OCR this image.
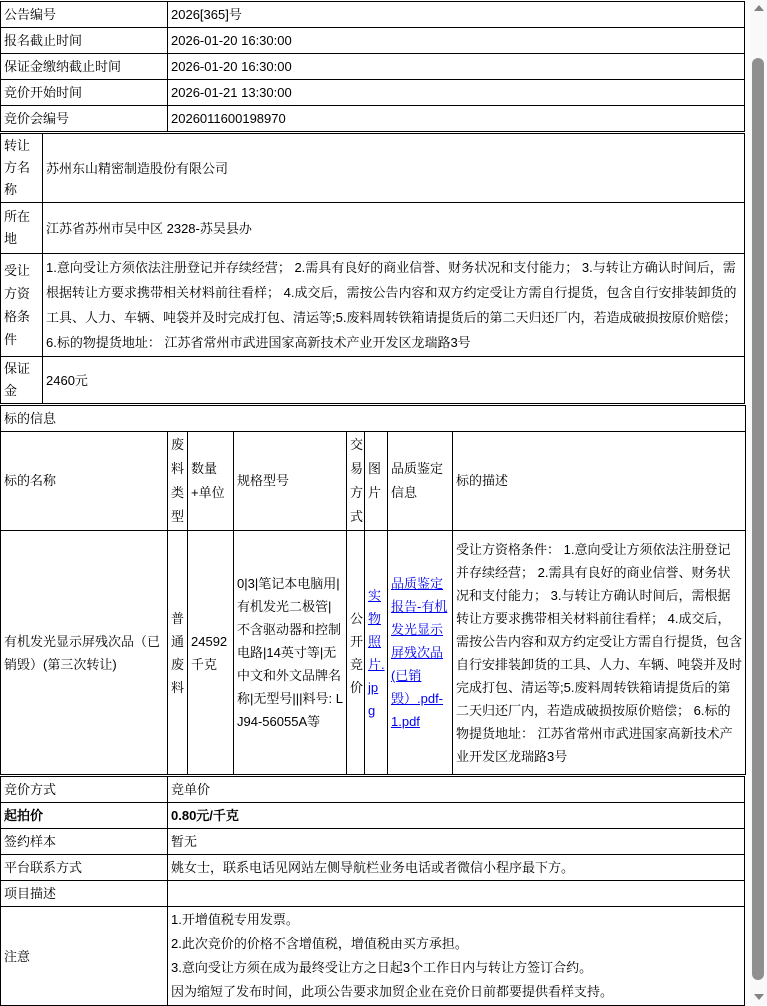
公告编号	2026[365]号
报名截止时间	2026-01-20 16:30:00
保证金缴纳截止时间	2026-01-20 16:30:00
竞价开始时间	2026-01-21 13:30:00
竞价会编号	2026011600198970
转让方名称	苏州东山精密制造股份有限公司
所在地	江苏省苏州市吴中区 2328-苏吴县办
受让方资格条件	1.意向受让方须依法注册登记并存续经营； 2.需具有良好的商业信誉、财务状况和支付能力； 3.与转让方确认时间后，需根据转让方要求携带相关材料前往看样； 4.成交后，需按公告内容和双方约定受让方需自行提货，包含自行安排装卸货的工具、人力、车辆、吨袋并及时完成打包、清运等;5.废料周转铁箱请提货后的第二天归还厂内，若造成破损按原价赔偿； 6.标的物提货地址： 江苏省常州市武进国家高新技术产业开发区龙瑞路3号
保证金	2460元
标的信息							
标的名称	废料类型	数量+单位	规格型号	交易方式	图片	品质鉴定信息	标的描述
有机发光显示屏残次品（已销毁）(第三次转让)	普通废料	24592千克	0|3|笔记本电脑用|有机发光二极管|不含驱动器和控制电路|14英寸等|无中文和外文品牌名称|无型号|||料号: LJ94-56055A等	公开竞价	实物照片.jpg	品质鉴定报告-有机发光显示屏残次品(已销毁）.pdf-1.pdf	受让方资格条件： 1.意向受让方须依法注册登记并存续经营； 2.需具有良好的商业信誉、财务状况和支付能力； 3.与转让方确认时间后，需根据转让方要求携带相关材料前往看样； 4.成交后，需按公告内容和双方约定受让方需自行提货，包含自行安排装卸货的工具、人力、车辆、吨袋并及时完成打包、清运等;5.废料周转铁箱请提货后的第二天归还厂内，若造成破损按原价赔偿； 6.标的物提货地址： 江苏省常州市武进国家高新技术产业开发区龙瑞路3号
竞价方式	竞单价
起拍价	0.80元/千克
签约样本	暂无
平台联系方式	姚女士，联系电话见网站左侧导航栏业务电话或者微信小程序最下方。
项目描述	
注意	1.开增值税专用发票。
2.此次竞价的价格不含增值税，增值税由买方承担。
3.意向受让方须在成为最终受让方之日起3个工作日内与转让方签订合约。
因为缩短了发布时间，此项公告要求加贸企业在竞价日前都要提供看样支持。
